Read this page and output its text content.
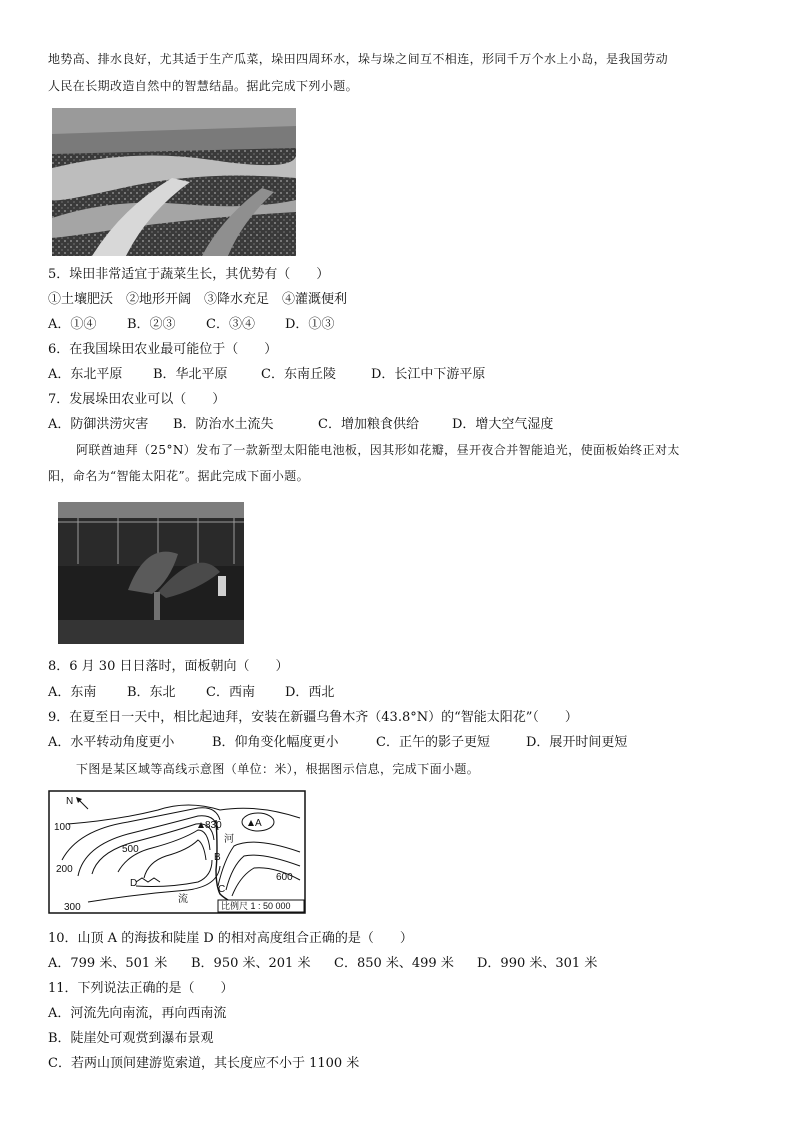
地势高、排水良好，尤其适于生产瓜菜，垛田四周环水，垛与垛之间互不相连，形同千万个水上小岛，是我国劳动
人民在长期改造自然中的智慧结晶。据此完成下列小题。
5．垛田非常适宜于蔬菜生长，其优势有（　　）
①土壤肥沃　②地形开阔　③降水充足　④灌溉便利
A．①④ B．②③ C．③④ D．①③
6．在我国垛田农业最可能位于（　　）
A．东北平原 B．华北平原	C．东南丘陵	D．长江中下游平原
7．发展垛田农业可以（　　）
A．防御洪涝灾害 B．防治水土流失	C．增加粮食供给	D．增大空气湿度
阿联酋迪拜（25°N）发布了一款新型太阳能电池板，因其形如花瓣，昼开夜合并智能追光，使面板始终正对太
阳，命名为“智能太阳花”。据此完成下面小题。
8．6 月 30 日日落时，面板朝向（　　）
A．东南 B．东北 C．西南 D．西北
9．在夏至日一天中，相比起迪拜，安装在新疆乌鲁木齐（43.8°N）的“智能太阳花”（　　）
A．水平转动角度更小	B．仰角变化幅度更小	C．正午的影子更短	D．展开时间更短
下图是某区域等高线示意图（单位：米），根据图示信息，完成下面小题。
N
100
200
300
500
600
830	A
B
C
D
河
流
比例尺 1 : 50 000
10．山顶 A 的海拔和陡崖 D 的相对高度组合正确的是（　　）
A．799 米、501 米 B．950 米、201 米 C．850 米、499 米 D．990 米、301 米
11．下列说法正确的是（　　）
A．河流先向南流，再向西南流
B．陡崖处可观赏到瀑布景观
C．若两山顶间建游览索道，其长度应不小于 1100 米
